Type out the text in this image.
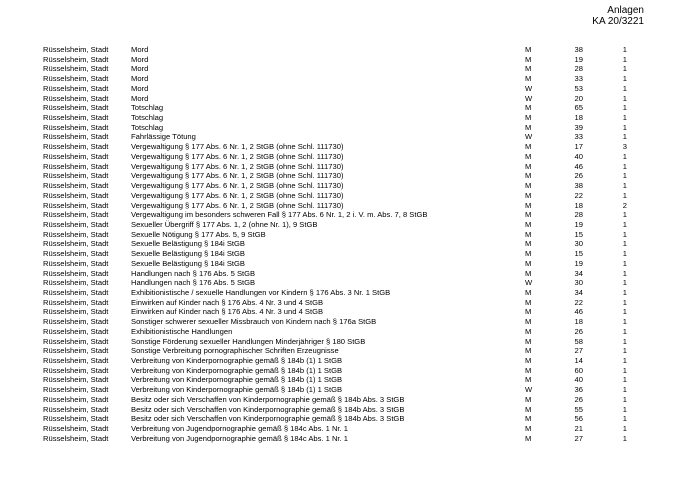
Anlagen
KA 20/3221
Rüsselsheim, Stadt	Mord	M	38	1
Rüsselsheim, Stadt	Mord	M	19	1
Rüsselsheim, Stadt	Mord	M	28	1
Rüsselsheim, Stadt	Mord	M	33	1
Rüsselsheim, Stadt	Mord	W	53	1
Rüsselsheim, Stadt	Mord	W	20	1
Rüsselsheim, Stadt	Totschlag	M	65	1
Rüsselsheim, Stadt	Totschlag	M	18	1
Rüsselsheim, Stadt	Totschlag	M	39	1
Rüsselsheim, Stadt	Fahrlässige Tötung	W	33	1
Rüsselsheim, Stadt	Vergewaltigung § 177 Abs. 6 Nr. 1, 2 StGB (ohne Schl. 111730)	M	17	3
Rüsselsheim, Stadt	Vergewaltigung § 177 Abs. 6 Nr. 1, 2 StGB (ohne Schl. 111730)	M	40	1
Rüsselsheim, Stadt	Vergewaltigung § 177 Abs. 6 Nr. 1, 2 StGB (ohne Schl. 111730)	M	46	1
Rüsselsheim, Stadt	Vergewaltigung § 177 Abs. 6 Nr. 1, 2 StGB (ohne Schl. 111730)	M	26	1
Rüsselsheim, Stadt	Vergewaltigung § 177 Abs. 6 Nr. 1, 2 StGB (ohne Schl. 111730)	M	38	1
Rüsselsheim, Stadt	Vergewaltigung § 177 Abs. 6 Nr. 1, 2 StGB (ohne Schl. 111730)	M	22	1
Rüsselsheim, Stadt	Vergewaltigung § 177 Abs. 6 Nr. 1, 2 StGB (ohne Schl. 111730)	M	18	2
Rüsselsheim, Stadt	Vergewaltigung im besonders schweren Fall § 177 Abs. 6 Nr. 1, 2 i. V. m. Abs. 7, 8 StGB	M	28	1
Rüsselsheim, Stadt	Sexueller Übergriff § 177 Abs. 1, 2 (ohne Nr. 1), 9 StGB	M	19	1
Rüsselsheim, Stadt	Sexuelle Nötigung § 177 Abs. 5, 9 StGB	M	15	1
Rüsselsheim, Stadt	Sexuelle Belästigung § 184i StGB	M	30	1
Rüsselsheim, Stadt	Sexuelle Belästigung § 184i StGB	M	15	1
Rüsselsheim, Stadt	Sexuelle Belästigung § 184i StGB	M	19	1
Rüsselsheim, Stadt	Handlungen nach § 176 Abs. 5 StGB	M	34	1
Rüsselsheim, Stadt	Handlungen nach § 176 Abs. 5 StGB	W	30	1
Rüsselsheim, Stadt	Exhibitionistische / sexuelle Handlungen vor Kindern § 176 Abs. 3 Nr. 1 StGB	M	34	1
Rüsselsheim, Stadt	Einwirken auf Kinder nach § 176 Abs. 4 Nr. 3 und 4 StGB	M	22	1
Rüsselsheim, Stadt	Einwirken auf Kinder nach § 176 Abs. 4 Nr. 3 und 4 StGB	M	46	1
Rüsselsheim, Stadt	Sonstiger schwerer sexueller Missbrauch von Kindern nach § 176a StGB	M	18	1
Rüsselsheim, Stadt	Exhibitionistische Handlungen	M	26	1
Rüsselsheim, Stadt	Sonstige Förderung sexueller Handlungen Minderjähriger § 180 StGB	M	58	1
Rüsselsheim, Stadt	Sonstige Verbreitung pornographischer Schriften Erzeugnisse	M	27	1
Rüsselsheim, Stadt	Verbreitung von Kinderpornographie gemäß § 184b (1) 1 StGB	M	14	1
Rüsselsheim, Stadt	Verbreitung von Kinderpornographie gemäß § 184b (1) 1 StGB	M	60	1
Rüsselsheim, Stadt	Verbreitung von Kinderpornographie gemäß § 184b (1) 1 StGB	M	40	1
Rüsselsheim, Stadt	Verbreitung von Kinderpornographie gemäß § 184b (1) 1 StGB	W	36	1
Rüsselsheim, Stadt	Besitz oder sich Verschaffen von Kinderpornographie gemäß § 184b Abs. 3 StGB	M	26	1
Rüsselsheim, Stadt	Besitz oder sich Verschaffen von Kinderpornographie gemäß § 184b Abs. 3 StGB	M	55	1
Rüsselsheim, Stadt	Besitz oder sich Verschaffen von Kinderpornographie gemäß § 184b Abs. 3 StGB	M	56	1
Rüsselsheim, Stadt	Verbreitung von Jugendpornographie gemäß § 184c Abs. 1 Nr. 1	M	21	1
Rüsselsheim, Stadt	Verbreitung von Jugendpornographie gemäß § 184c Abs. 1 Nr. 1	M	27	1
